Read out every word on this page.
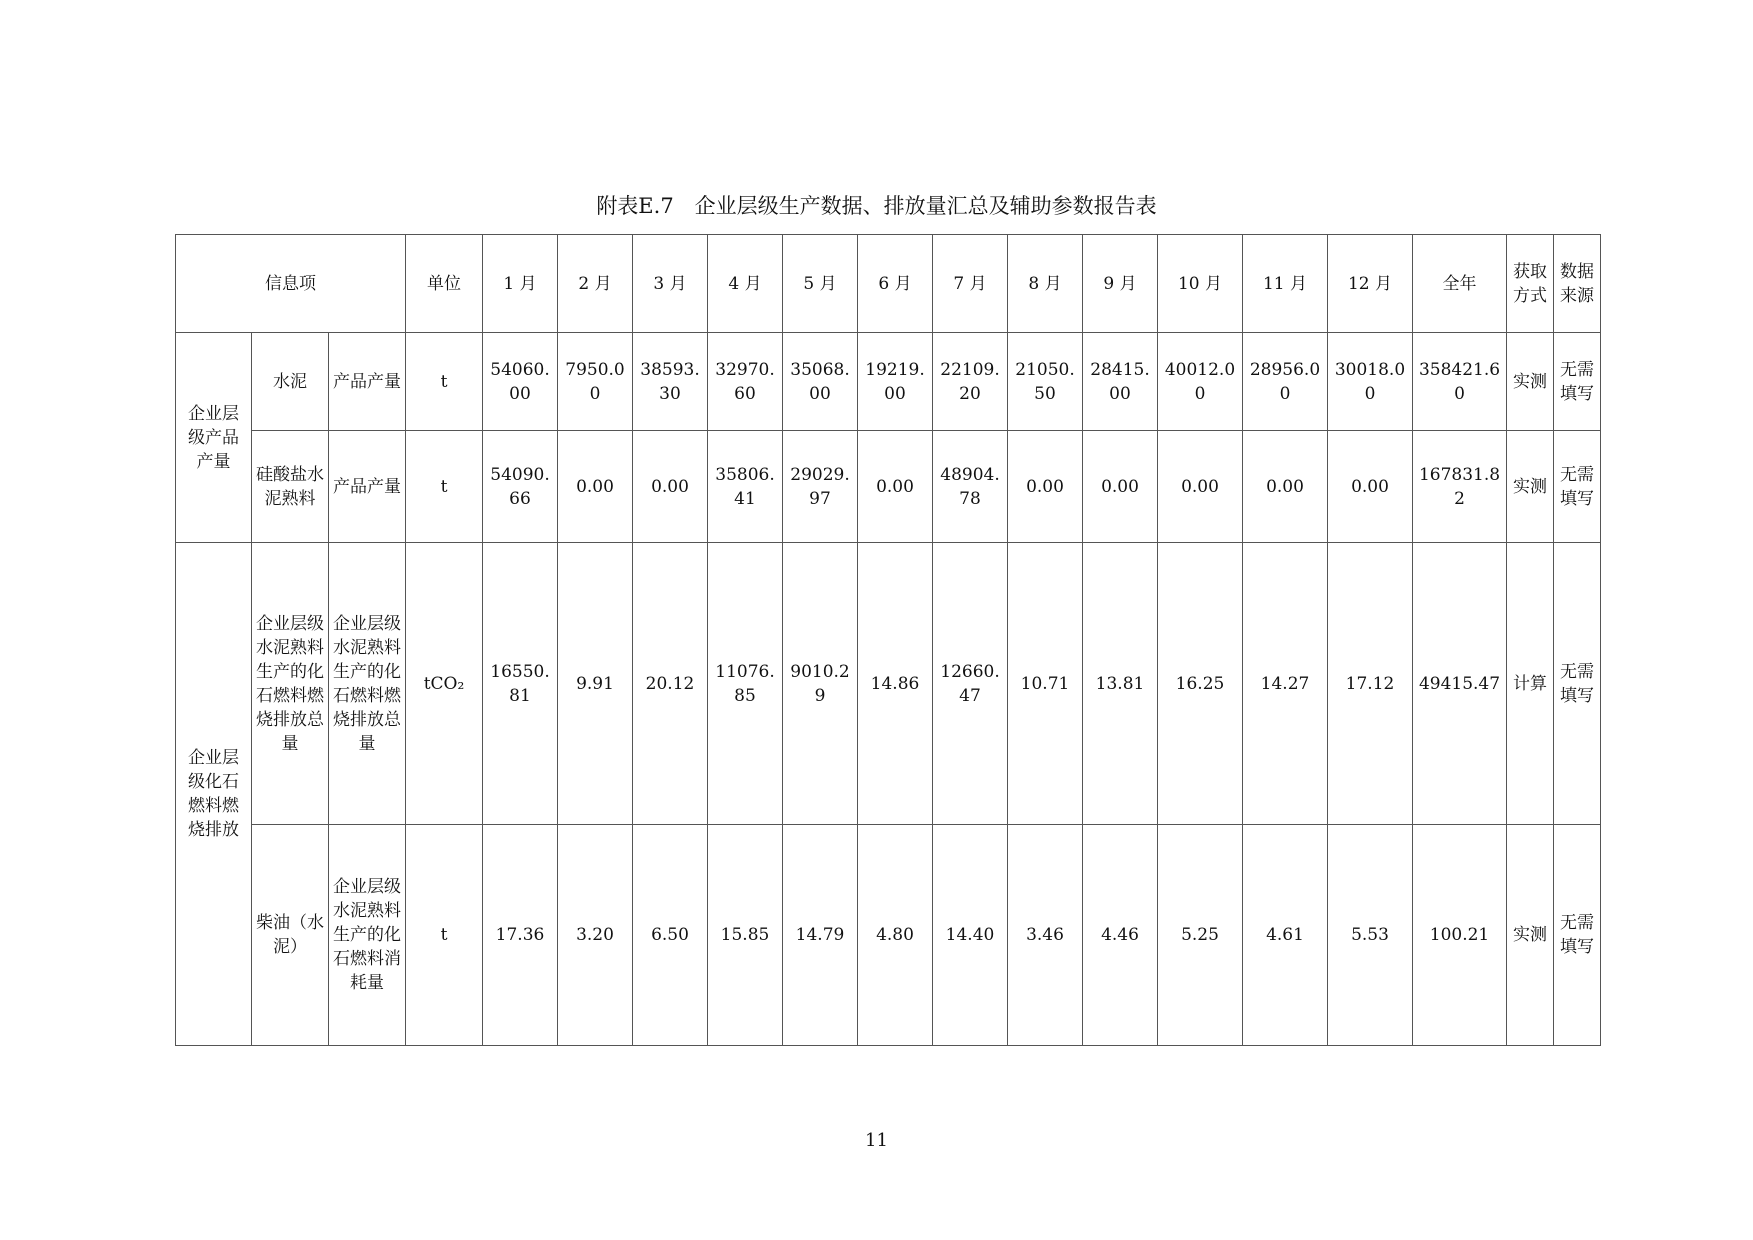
附表E.7　企业层级生产数据、排放量汇总及辅助参数报告表
信息项			单位	1 月	2 月	3 月	4 月	5 月	6 月	7 月	8 月	9 月	10 月	11 月	12 月	全年	获取方式	数据来源
企业层级产品产量	水泥	产品产量	t	54060.00	7950.00	38593.30	32970.60	35068.00	19219.00	22109.20	21050.50	28415.00	40012.00	28956.00	30018.00	358421.60	实测	无需填写
	硅酸盐水泥熟料	产品产量	t	54090.66	0.00	0.00	35806.41	29029.97	0.00	48904.78	0.00	0.00	0.00	0.00	0.00	167831.82	实测	无需填写
企业层级化石燃料燃烧排放	企业层级水泥熟料生产的化石燃料燃烧排放总量	企业层级水泥熟料生产的化石燃料燃烧排放总量	tCO₂	16550.81	9.91	20.12	11076.85	9010.29	14.86	12660.47	10.71	13.81	16.25	14.27	17.12	49415.47	计算	无需填写
	柴油（水泥）	企业层级水泥熟料生产的化石燃料消耗量	t	17.36	3.20	6.50	15.85	14.79	4.80	14.40	3.46	4.46	5.25	4.61	5.53	100.21	实测	无需填写
11
